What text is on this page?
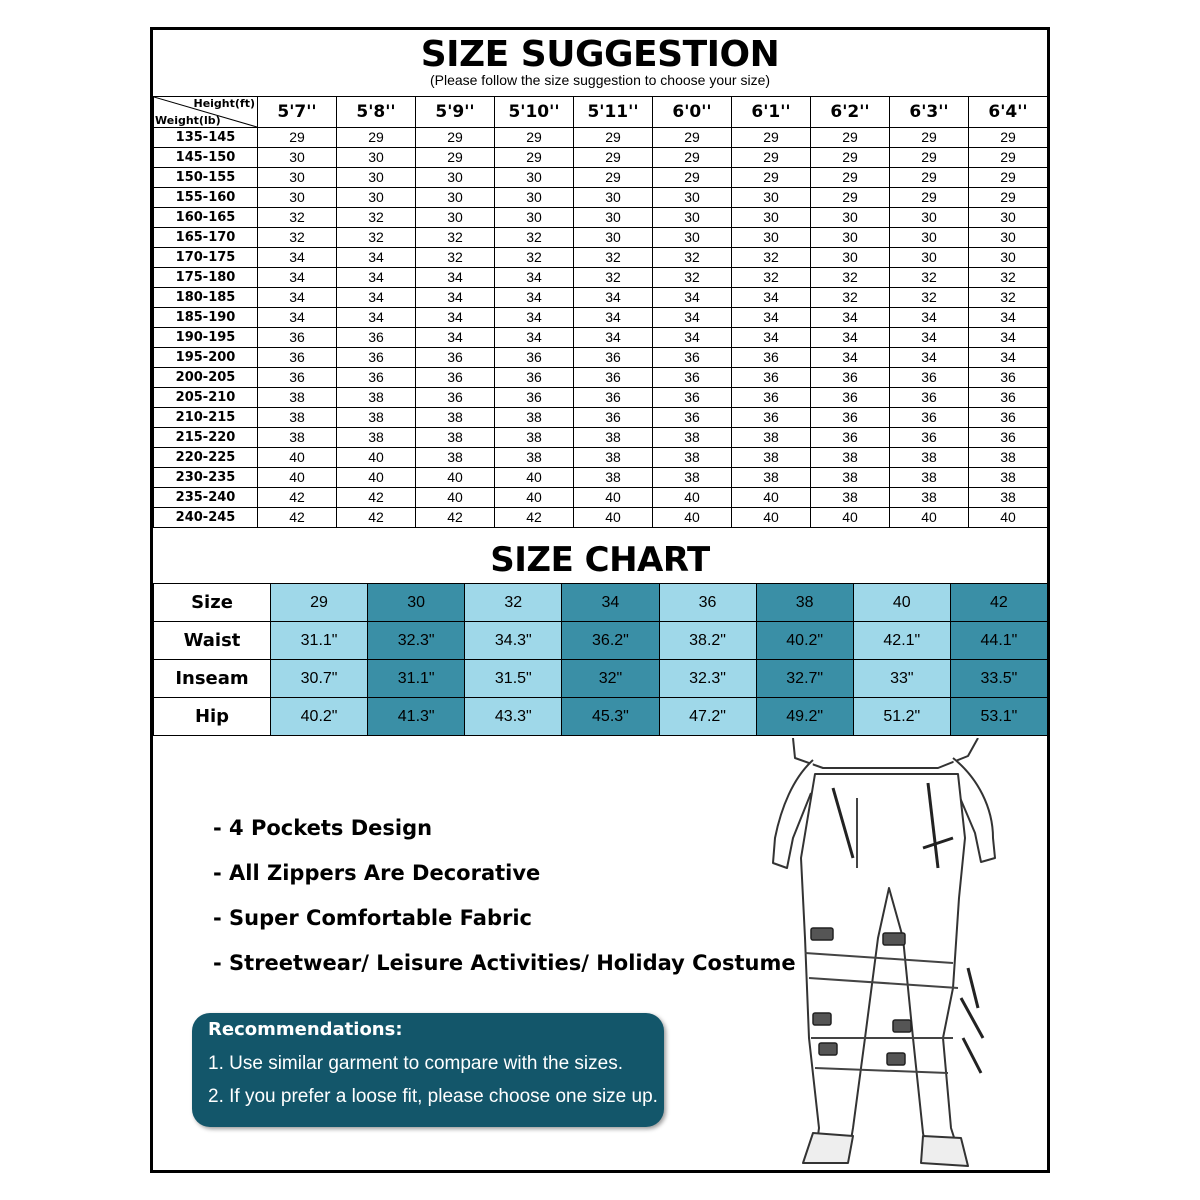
SIZE SUGGESTION
(Please follow the size suggestion to choose your size)
Height(ft)
Weight(lb)	5'7''	5'8''	5'9''	5'10''	5'11''	6'0''	6'1''	6'2''	6'3''	6'4''
135-145	29	29	29	29	29	29	29	29	29	29
145-150	30	30	29	29	29	29	29	29	29	29
150-155	30	30	30	30	29	29	29	29	29	29
155-160	30	30	30	30	30	30	30	29	29	29
160-165	32	32	30	30	30	30	30	30	30	30
165-170	32	32	32	32	30	30	30	30	30	30
170-175	34	34	32	32	32	32	32	30	30	30
175-180	34	34	34	34	32	32	32	32	32	32
180-185	34	34	34	34	34	34	34	32	32	32
185-190	34	34	34	34	34	34	34	34	34	34
190-195	36	36	34	34	34	34	34	34	34	34
195-200	36	36	36	36	36	36	36	34	34	34
200-205	36	36	36	36	36	36	36	36	36	36
205-210	38	38	36	36	36	36	36	36	36	36
210-215	38	38	38	38	36	36	36	36	36	36
215-220	38	38	38	38	38	38	38	36	36	36
220-225	40	40	38	38	38	38	38	38	38	38
230-235	40	40	40	40	38	38	38	38	38	38
235-240	42	42	40	40	40	40	40	38	38	38
240-245	42	42	42	42	40	40	40	40	40	40
SIZE CHART
Size	29	30	32	34	36	38	40	42
Waist	31.1"	32.3"	34.3"	36.2"	38.2"	40.2"	42.1"	44.1"
Inseam	30.7"	31.1"	31.5"	32"	32.3"	32.7"	33"	33.5"
Hip	40.2"	41.3"	43.3"	45.3"	47.2"	49.2"	51.2"	53.1"
- 4 Pockets Design
- All Zippers Are Decorative
- Super Comfortable Fabric
- Streetwear/ Leisure Activities/ Holiday Costume
Recommendations:
1. Use similar garment to compare with the sizes.
2. If you prefer a loose fit, please choose one size up.
